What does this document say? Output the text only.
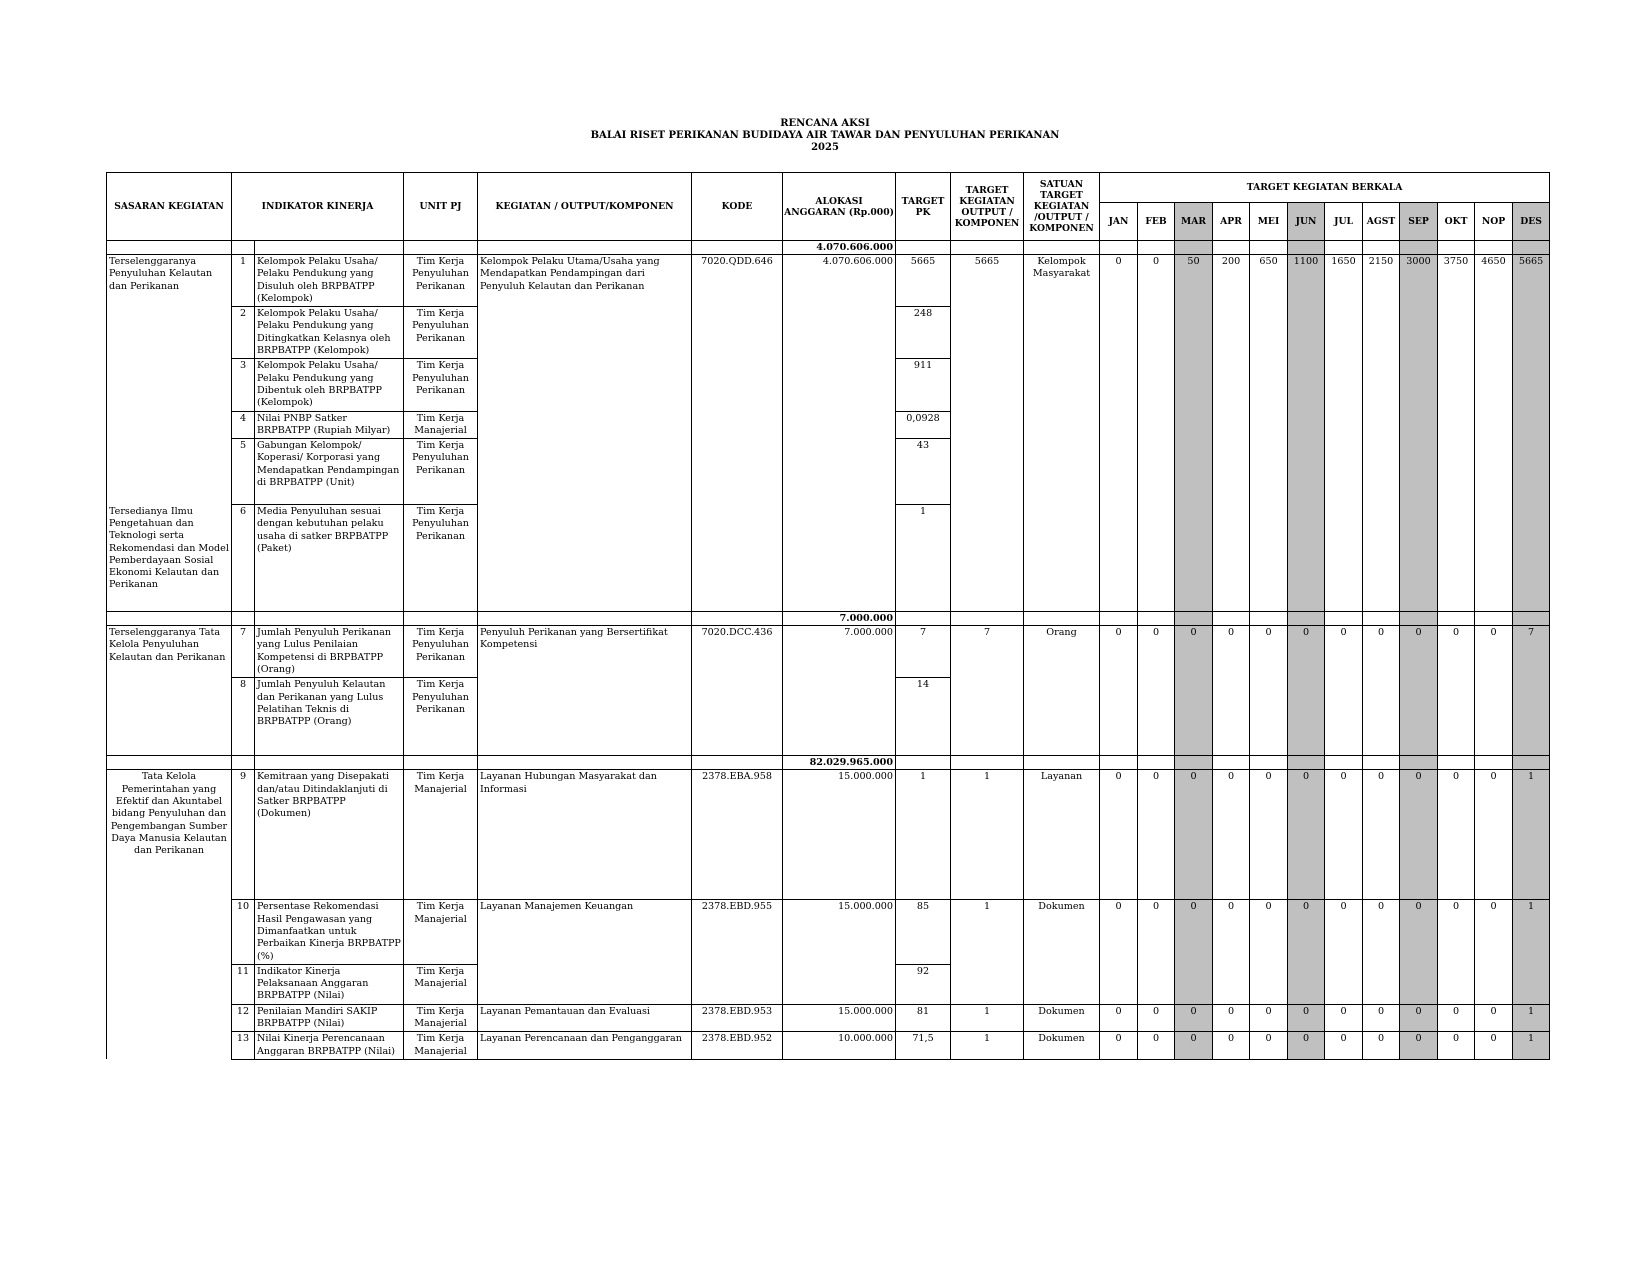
RENCANA AKSI
BALAI RISET PERIKANAN BUDIDAYA AIR TAWAR DAN PENYULUHAN PERIKANAN
2025
SASARAN KEGIATAN	INDIKATOR KINERJA		UNIT PJ	KEGIATAN / OUTPUT/KOMPONEN	KODE	ALOKASI ANGGARAN (Rp.000)	TARGET PK	TARGET KEGIATAN OUTPUT / KOMPONEN	SATUAN TARGET KEGIATAN /OUTPUT / KOMPONEN	TARGET KEGIATAN BERKALA											
										JAN	FEB	MAR	APR	MEI	JUN	JUL	AGST	SEP	OKT	NOP	DES
						4.070.606.000															
Terselenggaranya Penyuluhan Kelautan dan Perikanan	1	Kelompok Pelaku Usaha/ Pelaku Pendukung yang Disuluh oleh BRPBATPP (Kelompok)	Tim Kerja Penyuluhan Perikanan	Kelompok Pelaku Utama/Usaha yang Mendapatkan Pendampingan dari Penyuluh Kelautan dan Perikanan	7020.QDD.646	4.070.606.000	5665	5665	Kelompok Masyarakat	0	0	50	200	650	1100	1650	2150	3000	3750	4650	5665
	2	Kelompok Pelaku Usaha/ Pelaku Pendukung yang Ditingkatkan Kelasnya oleh BRPBATPP (Kelompok)	Tim Kerja Penyuluhan Perikanan				248														
	3	Kelompok Pelaku Usaha/ Pelaku Pendukung yang Dibentuk oleh BRPBATPP (Kelompok)	Tim Kerja Penyuluhan Perikanan				911														
	4	Nilai PNBP Satker BRPBATPP (Rupiah Milyar)	Tim Kerja Manajerial				0,0928														
	5	Gabungan Kelompok/ Koperasi/ Korporasi yang Mendapatkan Pendampingan di BRPBATPP (Unit)	Tim Kerja Penyuluhan Perikanan				43														
Tersedianya Ilmu Pengetahuan dan Teknologi serta Rekomendasi dan Model Pemberdayaan Sosial Ekonomi Kelautan dan Perikanan	6	Media Penyuluhan sesuai dengan kebutuhan pelaku usaha di satker BRPBATPP (Paket)	Tim Kerja Penyuluhan Perikanan				1														
						7.000.000															
Terselenggaranya Tata Kelola Penyuluhan Kelautan dan Perikanan	7	Jumlah Penyuluh Perikanan yang Lulus Penilaian Kompetensi di BRPBATPP (Orang)	Tim Kerja Penyuluhan Perikanan	Penyuluh Perikanan yang Bersertifikat Kompetensi	7020.DCC.436	7.000.000	7	7	Orang	0	0	0	0	0	0	0	0	0	0	0	7
	8	Jumlah Penyuluh Kelautan dan Perikanan yang Lulus Pelatihan Teknis di BRPBATPP (Orang)	Tim Kerja Penyuluhan Perikanan				14														
						82.029.965.000															
Tata Kelola Pemerintahan yang Efektif dan Akuntabel bidang Penyuluhan dan Pengembangan Sumber Daya Manusia Kelautan dan Perikanan	9	Kemitraan yang Disepakati dan/atau Ditindaklanjuti di Satker BRPBATPP (Dokumen)	Tim Kerja Manajerial	Layanan Hubungan Masyarakat dan Informasi	2378.EBA.958	15.000.000	1	1	Layanan	0	0	0	0	0	0	0	0	0	0	0	1
	10	Persentase Rekomendasi Hasil Pengawasan yang Dimanfaatkan untuk Perbaikan Kinerja BRPBATPP (%)	Tim Kerja Manajerial	Layanan Manajemen Keuangan	2378.EBD.955	15.000.000	85	1	Dokumen	0	0	0	0	0	0	0	0	0	0	0	1
	11	Indikator Kinerja Pelaksanaan Anggaran BRPBATPP (Nilai)	Tim Kerja Manajerial				92														
	12	Penilaian Mandiri SAKIP BRPBATPP (Nilai)	Tim Kerja Manajerial	Layanan Pemantauan dan Evaluasi	2378.EBD.953	15.000.000	81	1	Dokumen	0	0	0	0	0	0	0	0	0	0	0	1
	13	Nilai Kinerja Perencanaan Anggaran BRPBATPP (Nilai)	Tim Kerja Manajerial	Layanan Perencanaan dan Penganggaran	2378.EBD.952	10.000.000	71,5	1	Dokumen	0	0	0	0	0	0	0	0	0	0	0	1
